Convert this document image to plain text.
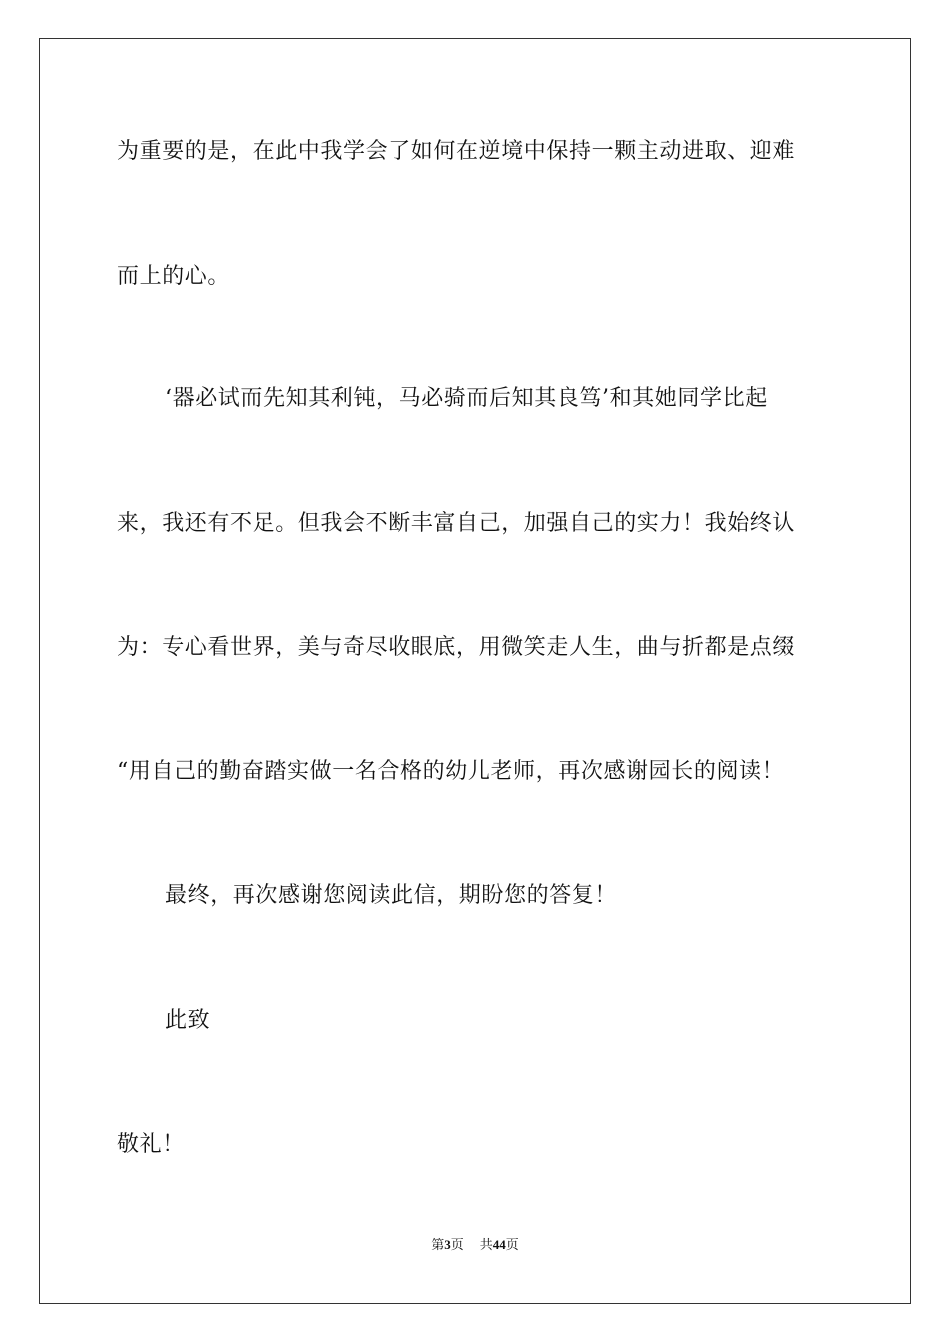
为重要的是，在此中我学会了如何在逆境中保持一颗主动进取、迎难
而上的心。
‘器必试而先知其利钝，马必骑而后知其良笃’和其她同学比起
来，我还有不足。但我会不断丰富自己，加强自己的实力！我始终认
为：专心看世界，美与奇尽收眼底，用微笑走人生，曲与折都是点缀
“用自己的勤奋踏实做一名合格的幼儿老师，再次感谢园长的阅读！
最终，再次感谢您阅读此信，期盼您的答复！
此致
敬礼！
第3页 共44页
